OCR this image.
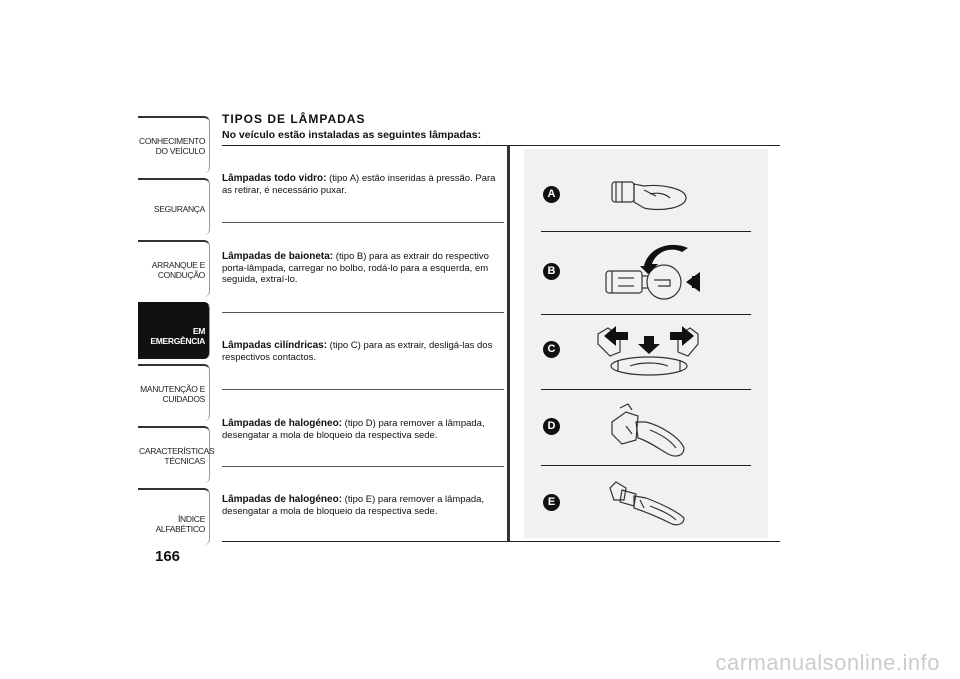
CONHECIMENTO DO VEÍCULO
SEGURANÇA
ARRANQUE E CONDUÇÃO
EM EMERGÊNCIA
MANUTENÇÃO E CUIDADOS
CARACTERÍSTICAS TÉCNICAS
ÍNDICE ALFABÉTICO
166
TIPOS DE LÂMPADAS
No veículo estão instaladas as seguintes lâmpadas:
Lâmpadas todo vidro: (tipo A) estão inseridas à pressão. Para as retirar, é necessário puxar.
Lâmpadas de baioneta: (tipo B) para as extrair do respectivo porta-lâmpada, carregar no bolbo, rodá-lo para a esquerda, em seguida, extraí-lo.
Lâmpadas cilíndricas: (tipo C) para as extrair, desligá-las dos respectivos contactos.
Lâmpadas de halogéneo: (tipo D) para remover a lâmpada, desengatar a mola de bloqueio da respectiva sede.
Lâmpadas de halogéneo: (tipo E) para remover a lâmpada, desengatar a mola de bloqueio da respectiva sede.
A
B
C
D
E
carmanualsonline.info
